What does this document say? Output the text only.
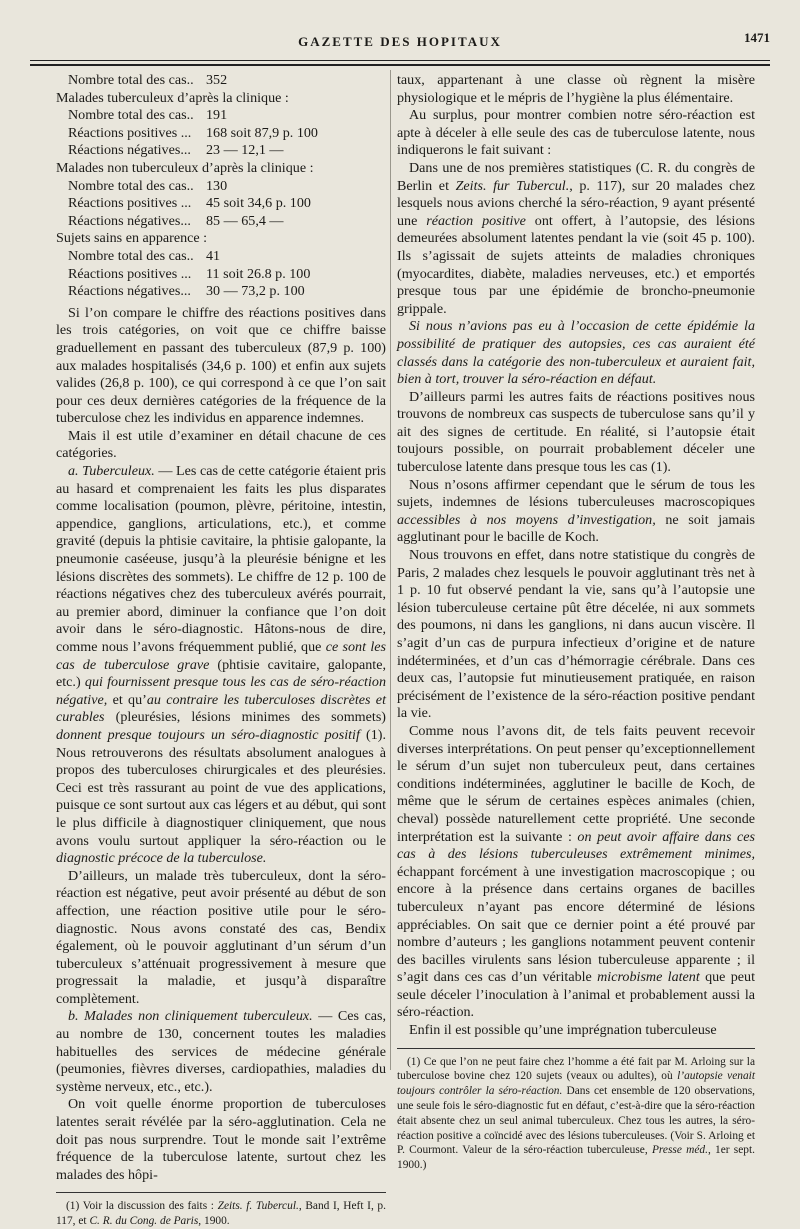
GAZETTE DES HOPITAUX	1471
Nombre total des cas.. 352
Malades tuberculeux d’après la clinique :
Nombre total des cas.. 191
Réactions positives ... 168 soit 87,9 p. 100
Réactions négatives... 23 — 12,1 —
Malades non tuberculeux d’après la clinique :
Nombre total des cas.. 130
Réactions positives ... 45 soit 34,6 p. 100
Réactions négatives... 85 — 65,4 —
Sujets sains en apparence :
Nombre total des cas.. 41
Réactions positives ... 11 soit 26.8 p. 100
Réactions négatives... 30 — 73,2 p. 100

Si l’on compare le chiffre des réactions positives dans les trois catégories, on voit que ce chiffre baisse graduellement en passant des tuberculeux (87,9 p. 100) aux malades hospitalisés (34,6 p. 100) et enfin aux sujets valides (26,8 p. 100), ce qui correspond à ce que l’on sait pour ces deux dernières catégories de la fréquence de la tuberculose chez les individus en apparence indemnes.

Mais il est utile d’examiner en détail chacune de ces catégories.

a. Tuberculeux. — Les cas de cette catégorie étaient pris au hasard et comprenaient les faits les plus disparates comme localisation (poumon, plèvre, péritoine, intestin, appendice, ganglions, articulations, etc.), et comme gravité (depuis la phtisie cavitaire, la phtisie galopante, la pneumonie caséeuse, jusqu’à la pleurésie bénigne et les lésions discrètes des sommets). Le chiffre de 12 p. 100 de réactions négatives chez des tuberculeux avérés pourrait, au premier abord, diminuer la confiance que l’on doit avoir dans le séro-diagnostic. Hâtons-nous de dire, comme nous l’avons fréquemment publié, que ce sont les cas de tuberculose grave (phtisie cavitaire, galopante, etc.) qui fournissent presque tous les cas de séro-réaction négative, et qu’au contraire les tuberculoses discrètes et curables (pleurésies, lésions minimes des sommets) donnent presque toujours un séro-diagnostic positif (1). Nous retrouverons des résultats absolument analogues à propos des tuberculoses chirurgicales et des pleurésies. Ceci est très rassurant au point de vue des applications, puisque ce sont surtout aux cas légers et au début, qui sont le plus difficile à diagnostiquer cliniquement, que nous avons voulu surtout appliquer la séro-réaction ou le diagnostic précoce de la tuberculose.

D’ailleurs, un malade très tuberculeux, dont la séro-réaction est négative, peut avoir présenté au début de son affection, une réaction positive utile pour le séro-diagnostic. Nous avons constaté des cas, Bendix également, où le pouvoir agglutinant d’un sérum d’un tuberculeux s’atténuait progressivement à mesure que progressait la maladie, et jusqu’à disparaître complètement.

b. Malades non cliniquement tuberculeux. — Ces cas, au nombre de 130, concernent toutes les maladies habituelles des services de médecine générale (peumonies, fièvres diverses, cardiopathies, maladies du système nerveux, etc., etc.).

On voit quelle énorme proportion de tuberculoses latentes serait révélée par la séro-agglutination. Cela ne doit pas nous surprendre. Tout le monde sait l’extrême fréquence de la tuberculose latente, surtout chez les malades des hôpi-

(1) Voir la discussion des faits : Zeits. f. Tubercul., Band I, Heft I, p. 117, et C. R. du Cong. de Paris, 1900.

taux, appartenant à une classe où règnent la misère physiologique et le mépris de l’hygiène la plus élémentaire.

Au surplus, pour montrer combien notre séro-réaction est apte à déceler à elle seule des cas de tuberculose latente, nous indiquerons le fait suivant :

Dans une de nos premières statistiques (C. R. du congrès de Berlin et Zeits. fur Tubercul., p. 117), sur 20 malades chez lesquels nous avions cherché la séro-réaction, 9 ayant présenté une réaction positive ont offert, à l’autopsie, des lésions demeurées absolument latentes pendant la vie (soit 45 p. 100). Ils s’agissait de sujets atteints de maladies chroniques (myocardites, diabète, maladies nerveuses, etc.) et emportés presque tous par une épidémie de broncho-pneumonie grippale.

Si nous n’avions pas eu à l’occasion de cette épidémie la possibilité de pratiquer des autopsies, ces cas auraient été classés dans la catégorie des non-tuberculeux et auraient fait, bien à tort, trouver la séro-réaction en défaut.

D’ailleurs parmi les autres faits de réactions positives nous trouvons de nombreux cas suspects de tuberculose sans qu’il y ait des signes de certitude. En réalité, si l’autopsie était toujours possible, on pourrait probablement déceler une tuberculose latente dans presque tous les cas (1).

Nous n’osons affirmer cependant que le sérum de tous les sujets, indemnes de lésions tuberculeuses macroscopiques accessibles à nos moyens d’investigation, ne soit jamais agglutinant pour le bacille de Koch.

Nous trouvons en effet, dans notre statistique du congrès de Paris, 2 malades chez lesquels le pouvoir agglutinant très net à 1 p. 10 fut observé pendant la vie, sans qu’à l’autopsie une lésion tuberculeuse certaine pût être décelée, ni aux sommets des poumons, ni dans les ganglions, ni dans aucun viscère. Il s’agit d’un cas de purpura infectieux d’origine et de nature indéterminées, et d’un cas d’hémorragie cérébrale. Dans ces deux cas, l’autopsie fut minutieusement pratiquée, en raison précisément de l’existence de la séro-réaction positive pendant la vie.

Comme nous l’avons dit, de tels faits peuvent recevoir diverses interprétations. On peut penser qu’exceptionnellement le sérum d’un sujet non tuberculeux peut, dans certaines conditions indéterminées, agglutiner le bacille de Koch, de même que le sérum de certaines espèces animales (chien, cheval) possède naturellement cette propriété. Une seconde interprétation est la suivante : on peut avoir affaire dans ces cas à des lésions tuberculeuses extrêmement minimes, échappant forcément à une investigation macroscopique ; ou encore à la présence dans certains organes de bacilles tuberculeux n’ayant pas encore déterminé de lésions appréciables. On sait que ce dernier point a été prouvé par nombre d’auteurs ; les ganglions notamment peuvent contenir des bacilles virulents sans lésion tuberculeuse apparente ; il s’agit dans ces cas d’un véritable microbisme latent que peut seule déceler l’inoculation à l’animal et probablement aussi la séro-réaction.

Enfin il est possible qu’une imprégnation tuberculeuse

(1) Ce que l’on ne peut faire chez l’homme a été fait par M. Arloing sur la tuberculose bovine chez 120 sujets (veaux ou adultes), où l’autopsie venait toujours contrôler la séro-réaction. Dans cet ensemble de 120 observations, une seule fois le séro-diagnostic fut en défaut, c’est-à-dire que la séro-réaction était absente chez un seul animal tuberculeux. Chez tous les autres, la séro-réaction positive a coïncidé avec des lésions tuberculeuses. (Voir S. Arloing et P. Courmont. Valeur de la séro-réaction tuberculeuse, Presse méd., 1er sept. 1900.)
